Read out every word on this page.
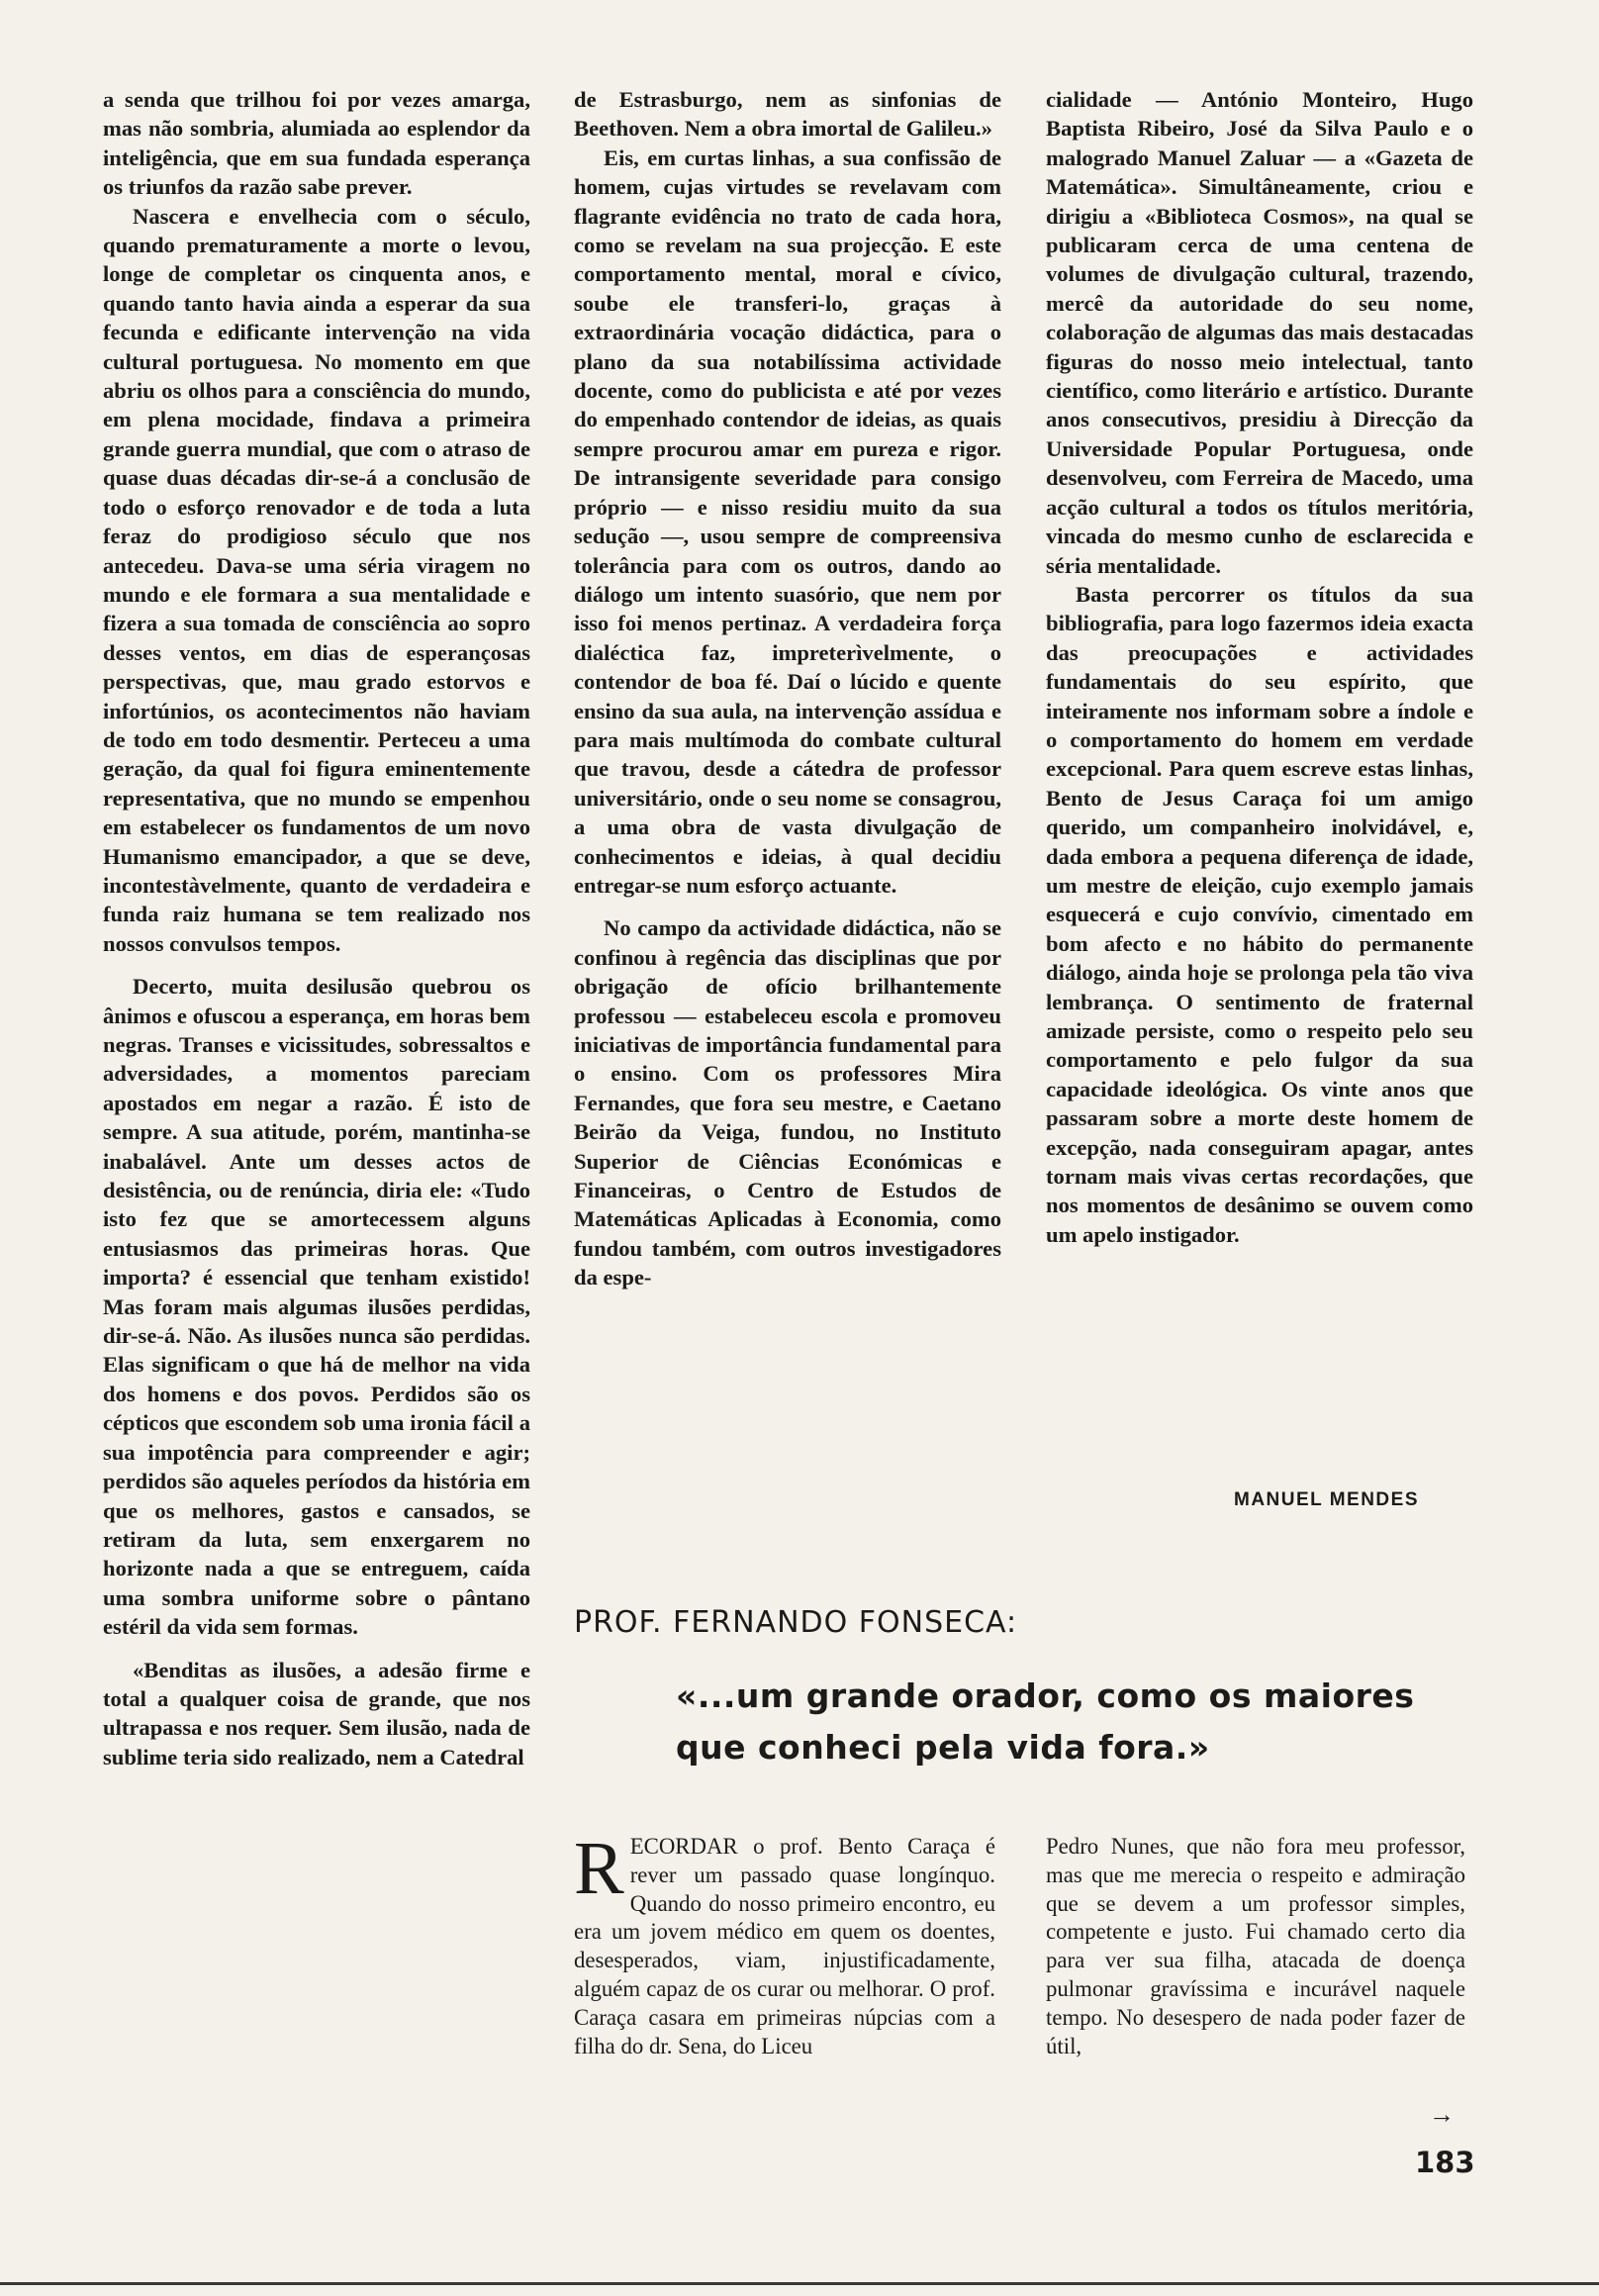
a senda que trilhou foi por vezes amarga, mas não sombria, alumiada ao esplendor da inteligência, que em sua fundada esperança os triunfos da razão sabe prever.

Nascera e envelhecia com o século, quando prematuramente a morte o levou, longe de completar os cinquenta anos, e quando tanto havia ainda a esperar da sua fecunda e edificante intervenção na vida cultural portuguesa. No momento em que abriu os olhos para a consciência do mundo, em plena mocidade, findava a primeira grande guerra mundial, que com o atraso de quase duas décadas dir-se-á a conclusão de todo o esforço renovador e de toda a luta feraz do prodigioso século que nos antecedeu. Dava-se uma séria viragem no mundo e ele formara a sua mentalidade e fizera a sua tomada de consciência ao sopro desses ventos, em dias de esperançosas perspectivas, que, mau grado estorvos e infortúnios, os acontecimentos não haviam de todo em todo desmentir. Perteceu a uma geração, da qual foi figura eminentemente representativa, que no mundo se empenhou em estabelecer os fundamentos de um novo Humanismo emancipador, a que se deve, incontestàvelmente, quanto de verdadeira e funda raiz humana se tem realizado nos nossos convulsos tempos.

Decerto, muita desilusão quebrou os ânimos e ofuscou a esperança, em horas bem negras. Transes e vicissitudes, sobressaltos e adversidades, a momentos pareciam apostados em negar a razão. É isto de sempre. A sua atitude, porém, mantinha-se inabalável. Ante um desses actos de desistência, ou de renúncia, diria ele: «Tudo isto fez que se amortecessem alguns entusiasmos das primeiras horas. Que importa? é essencial que tenham existido! Mas foram mais algumas ilusões perdidas, dir-se-á. Não. As ilusões nunca são perdidas. Elas significam o que há de melhor na vida dos homens e dos povos. Perdidos são os cépticos que escondem sob uma ironia fácil a sua impotência para compreender e agir; perdidos são aqueles períodos da história em que os melhores, gastos e cansados, se retiram da luta, sem enxergarem no horizonte nada a que se entreguem, caída uma sombra uniforme sobre o pântano estéril da vida sem formas.

«Benditas as ilusões, a adesão firme e total a qualquer coisa de grande, que nos ultrapassa e nos requer. Sem ilusão, nada de sublime teria sido realizado, nem a Catedral

de Estrasburgo, nem as sinfonias de Beethoven. Nem a obra imortal de Galileu.»

Eis, em curtas linhas, a sua confissão de homem, cujas virtudes se revelavam com flagrante evidência no trato de cada hora, como se revelam na sua projecção. E este comportamento mental, moral e cívico, soube ele transferi-lo, graças à extraordinária vocação didáctica, para o plano da sua notabilíssima actividade docente, como do publicista e até por vezes do empenhado contendor de ideias, as quais sempre procurou amar em pureza e rigor. De intransigente severidade para consigo próprio — e nisso residiu muito da sua sedução —, usou sempre de compreensiva tolerância para com os outros, dando ao diálogo um intento suasório, que nem por isso foi menos pertinaz. A verdadeira força dialéctica faz, impreterìvelmente, o contendor de boa fé. Daí o lúcido e quente ensino da sua aula, na intervenção assídua e para mais multímoda do combate cultural que travou, desde a cátedra de professor universitário, onde o seu nome se consagrou, a uma obra de vasta divulgação de conhecimentos e ideias, à qual decidiu entregar-se num esforço actuante.

No campo da actividade didáctica, não se confinou à regência das disciplinas que por obrigação de ofício brilhantemente professou — estabeleceu escola e promoveu iniciativas de importância fundamental para o ensino. Com os professores Mira Fernandes, que fora seu mestre, e Caetano Beirão da Veiga, fundou, no Instituto Superior de Ciências Económicas e Financeiras, o Centro de Estudos de Matemáticas Aplicadas à Economia, como fundou também, com outros investigadores da espe-

cialidade — António Monteiro, Hugo Baptista Ribeiro, José da Silva Paulo e o malogrado Manuel Zaluar — a «Gazeta de Matemática». Simultâneamente, criou e dirigiu a «Biblioteca Cosmos», na qual se publicaram cerca de uma centena de volumes de divulgação cultural, trazendo, mercê da autoridade do seu nome, colaboração de algumas das mais destacadas figuras do nosso meio intelectual, tanto científico, como literário e artístico. Durante anos consecutivos, presidiu à Direcção da Universidade Popular Portuguesa, onde desenvolveu, com Ferreira de Macedo, uma acção cultural a todos os títulos meritória, vincada do mesmo cunho de esclarecida e séria mentalidade.

Basta percorrer os títulos da sua bibliografia, para logo fazermos ideia exacta das preocupações e actividades fundamentais do seu espírito, que inteiramente nos informam sobre a índole e o comportamento do homem em verdade excepcional. Para quem escreve estas linhas, Bento de Jesus Caraça foi um amigo querido, um companheiro inolvidável, e, dada embora a pequena diferença de idade, um mestre de eleição, cujo exemplo jamais esquecerá e cujo convívio, cimentado em bom afecto e no hábito do permanente diálogo, ainda hoje se prolonga pela tão viva lembrança. O sentimento de fraternal amizade persiste, como o respeito pelo seu comportamento e pelo fulgor da sua capacidade ideológica. Os vinte anos que passaram sobre a morte deste homem de excepção, nada conseguiram apagar, antes tornam mais vivas certas recordações, que nos momentos de desânimo se ouvem como um apelo instigador.

MANUEL MENDES
PROF. FERNANDO FONSECA:
«...um grande orador, como os maiores
que conheci pela vida fora.»

RECORDAR o prof. Bento Caraça é rever um passado quase longínquo. Quando do nosso primeiro encontro, eu era um jovem médico em quem os doentes, desesperados, viam, injustificadamente, alguém capaz de os curar ou melhorar. O prof. Caraça casara em primeiras núpcias com a filha do dr. Sena, do Liceu

Pedro Nunes, que não fora meu professor, mas que me merecia o respeito e admiração que se devem a um professor simples, competente e justo. Fui chamado certo dia para ver sua filha, atacada de doença pulmonar gravíssima e incurável naquele tempo. No desespero de nada poder fazer de útil,

→
183
